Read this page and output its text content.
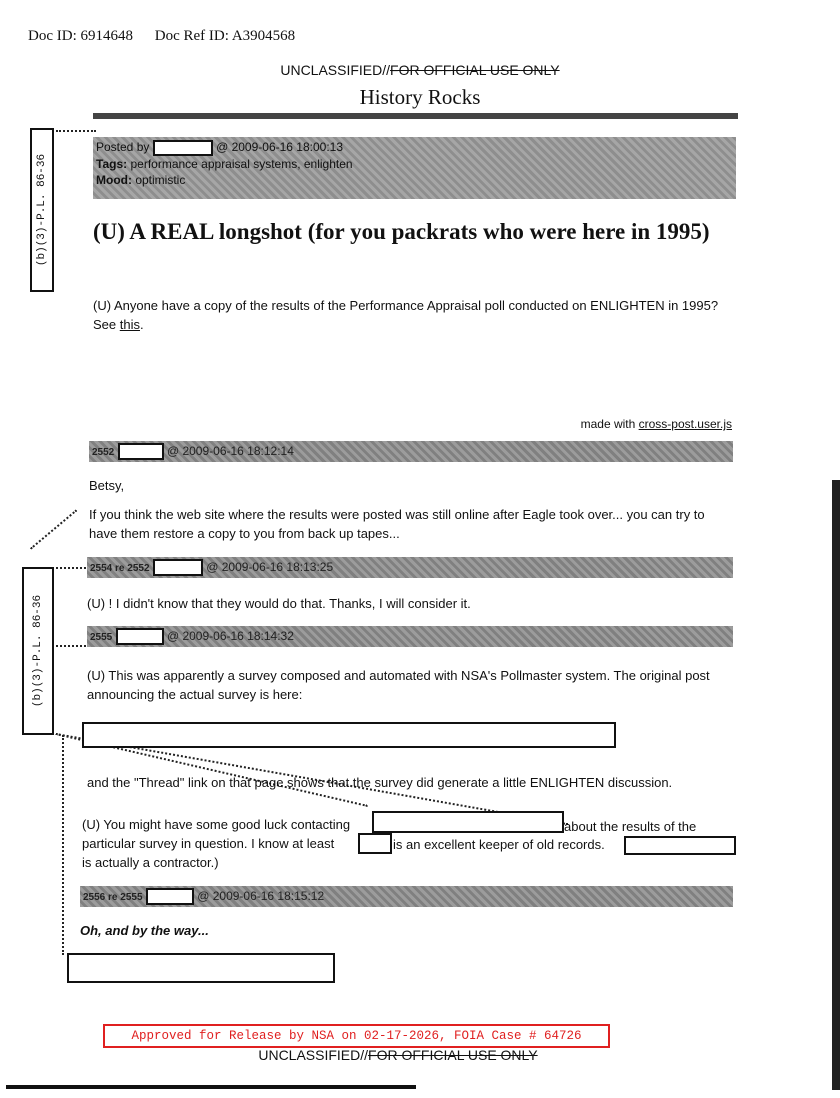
Doc ID: 6914648 Doc Ref ID: A3904568
UNCLASSIFIED//FOR OFFICIAL USE ONLY
History Rocks
(b)(3)-P.L. 86-36
Posted by	@ 2009-06-16 18:00:13
Tags: performance appraisal systems, enlighten
Mood: optimistic
(U) A REAL longshot (for you packrats who were here in 1995)
(U) Anyone have a copy of the results of the Performance Appraisal poll conducted on ENLIGHTEN in 1995? See this.
made with cross-post.user.js
2552	@ 2009-06-16 18:12:14
Betsy,
If you think the web site where the results were posted was still online after Eagle took over... you can try to have them restore a copy to you from back up tapes...
(b)(3)-P.L. 86-36
2554 re 2552	@ 2009-06-16 18:13:25
(U) ! I didn't know that they would do that. Thanks, I will consider it.
2555	@ 2009-06-16 18:14:32
(U) This was apparently a survey composed and automated with NSA's Pollmaster system. The original post announcing the actual survey is here:
and the "Thread" link on that page shows that the survey did generate a little ENLIGHTEN discussion.
(U) You might have some good luck contacting	about the results of the
particular survey in question. I know at least	is an excellent keeper of old records.
is actually a contractor.)
2556 re 2555	@ 2009-06-16 18:15:12
Oh, and by the way...
Approved for Release by NSA on 02-17-2026, FOIA Case # 64726
UNCLASSIFIED//FOR OFFICIAL USE ONLY
